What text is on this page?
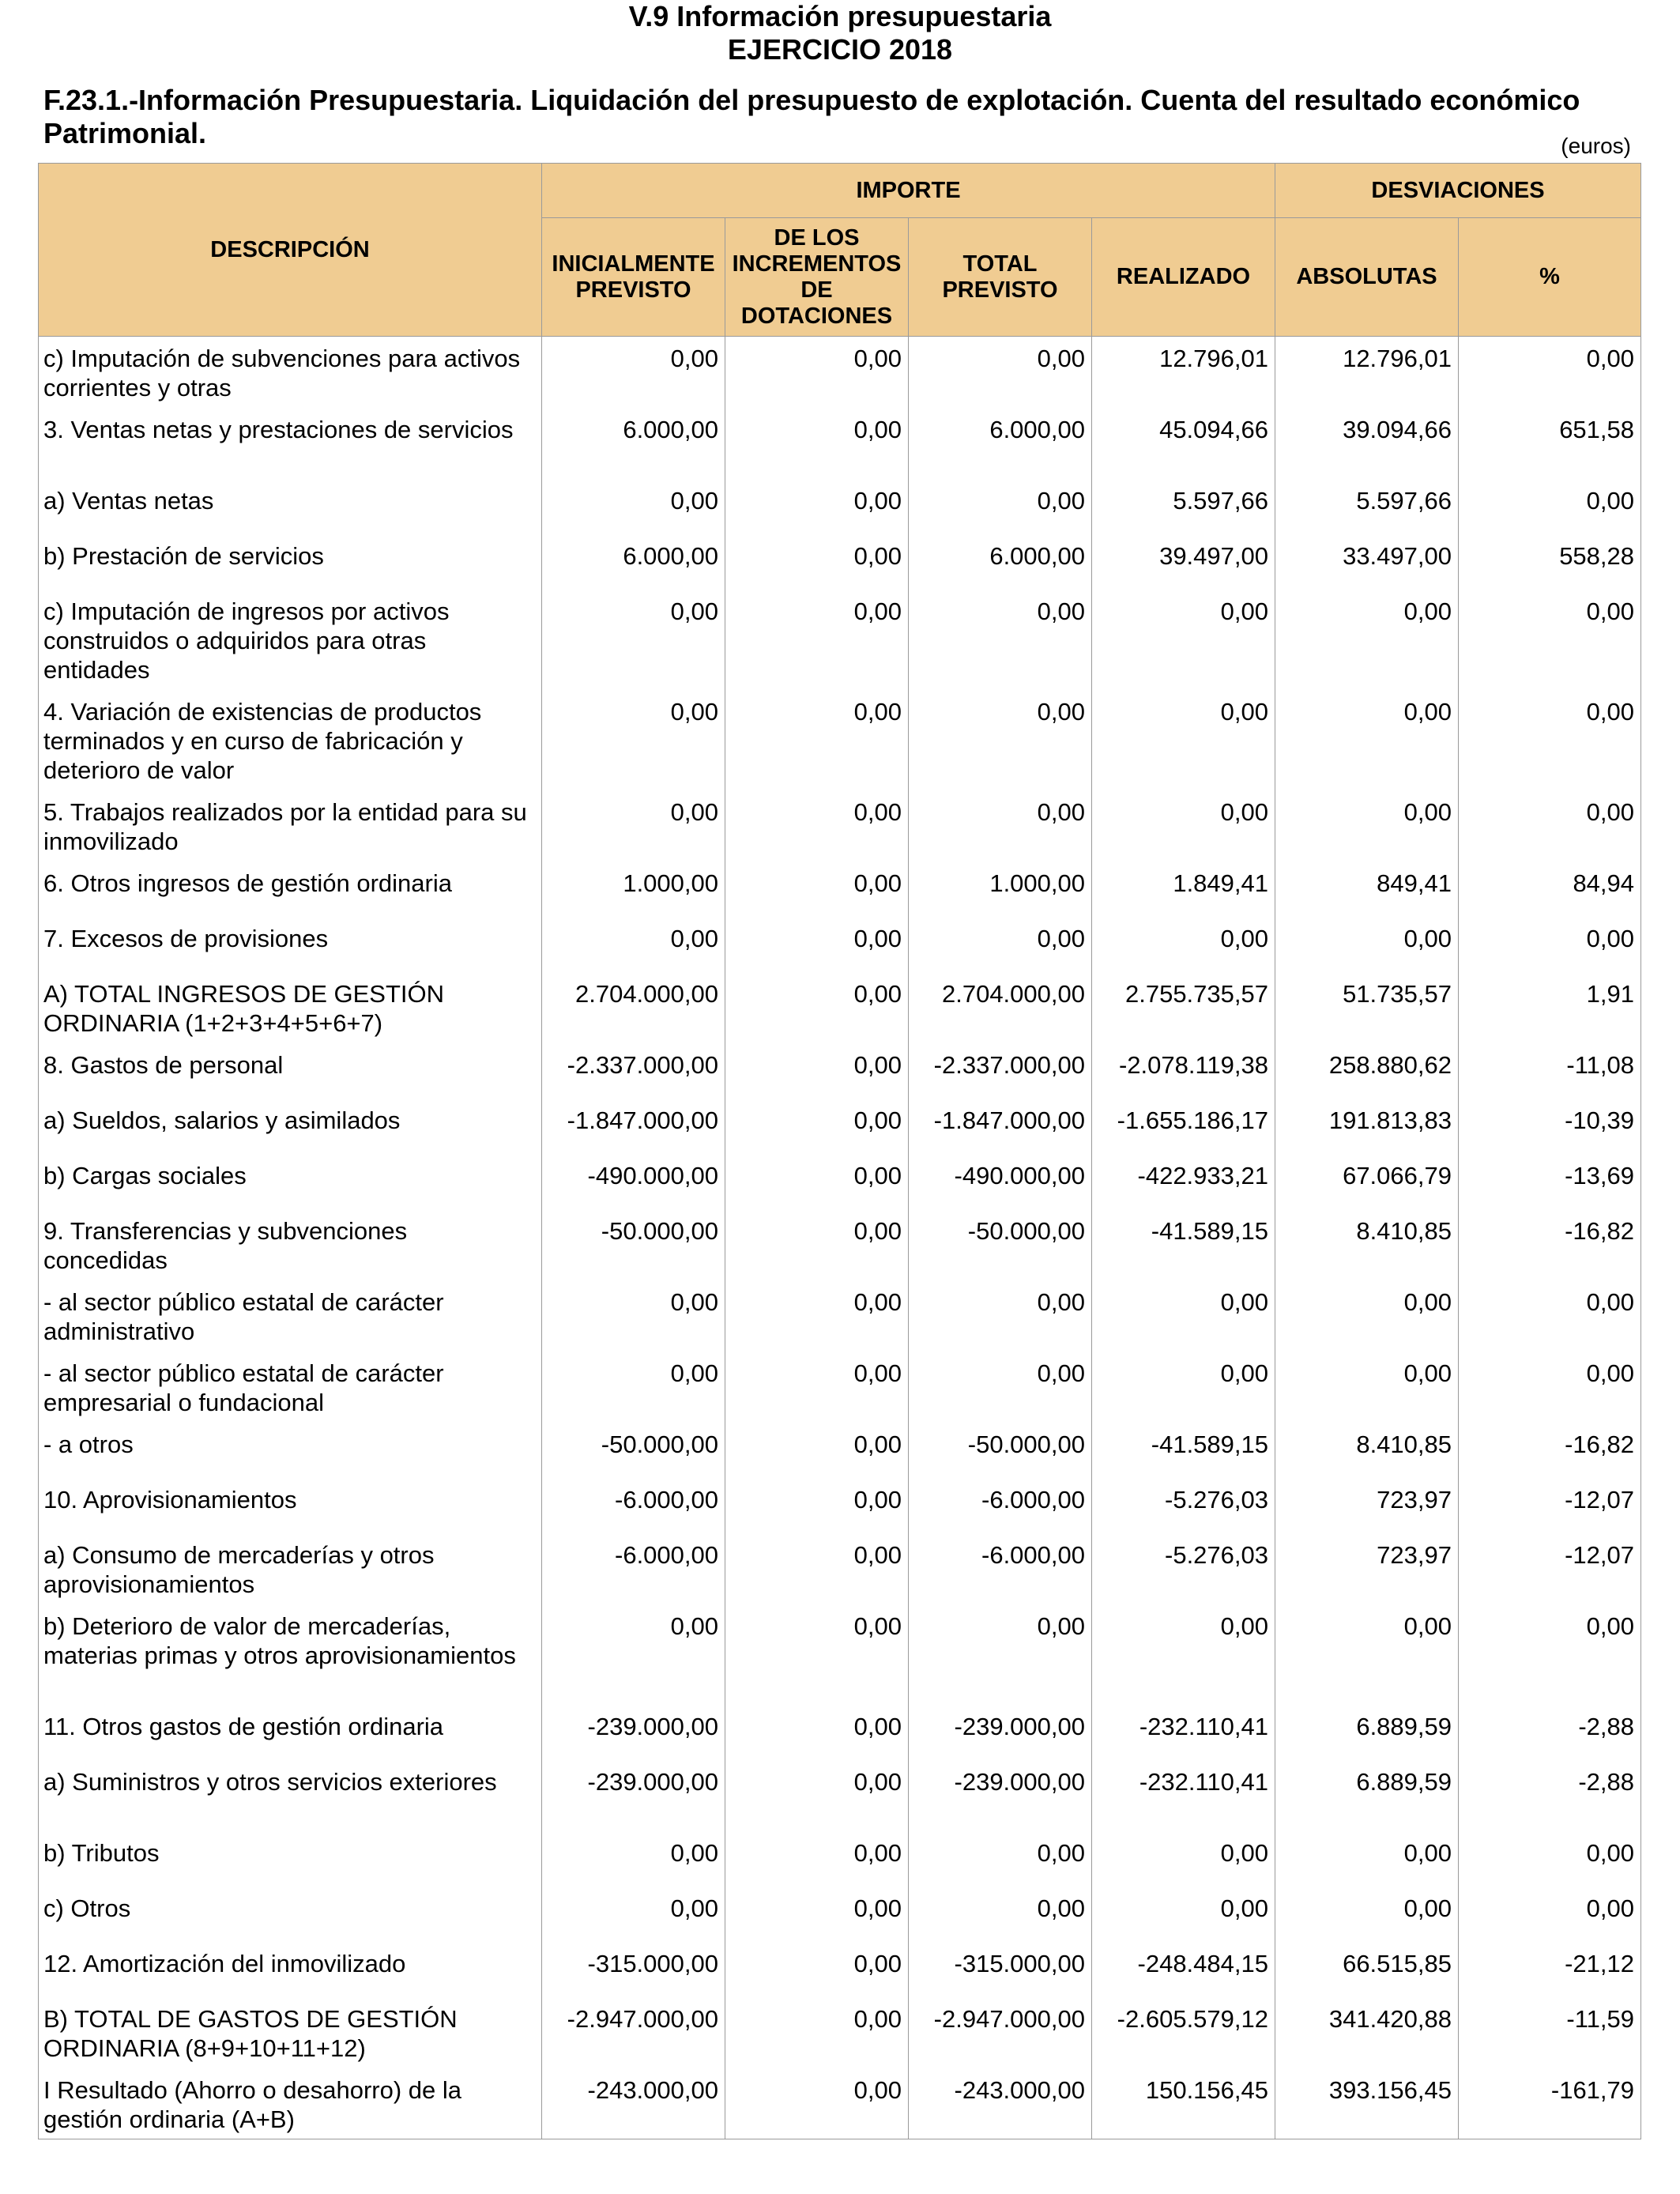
V.9 Información presupuestaria
EJERCICIO 2018
F.23.1.-Información Presupuestaria. Liquidación del presupuesto de explotación. Cuenta del resultado económico Patrimonial.	(euros)
DESCRIPCIÓN	IMPORTE				DESVIACIONES	
	INICIALMENTE PREVISTO	DE LOS INCREMENTOS DE DOTACIONES	TOTAL PREVISTO	REALIZADO	ABSOLUTAS	%
c) Imputación de subvenciones para activos corrientes y otras	0,00	0,00	0,00	12.796,01	12.796,01	0,00
3. Ventas netas y prestaciones de servicios	6.000,00	0,00	6.000,00	45.094,66	39.094,66	651,58
a) Ventas netas	0,00	0,00	0,00	5.597,66	5.597,66	0,00
b) Prestación de servicios	6.000,00	0,00	6.000,00	39.497,00	33.497,00	558,28
c) Imputación de ingresos por activos construidos o adquiridos para otras entidades	0,00	0,00	0,00	0,00	0,00	0,00
4. Variación de existencias de productos terminados y en curso de fabricación y deterioro de valor	0,00	0,00	0,00	0,00	0,00	0,00
5. Trabajos realizados por la entidad para su inmovilizado	0,00	0,00	0,00	0,00	0,00	0,00
6. Otros ingresos de gestión ordinaria	1.000,00	0,00	1.000,00	1.849,41	849,41	84,94
7. Excesos de provisiones	0,00	0,00	0,00	0,00	0,00	0,00
A) TOTAL INGRESOS DE GESTIÓN ORDINARIA (1+2+3+4+5+6+7)	2.704.000,00	0,00	2.704.000,00	2.755.735,57	51.735,57	1,91
8. Gastos de personal	-2.337.000,00	0,00	-2.337.000,00	-2.078.119,38	258.880,62	-11,08
a) Sueldos, salarios y asimilados	-1.847.000,00	0,00	-1.847.000,00	-1.655.186,17	191.813,83	-10,39
b) Cargas sociales	-490.000,00	0,00	-490.000,00	-422.933,21	67.066,79	-13,69
9. Transferencias y subvenciones concedidas	-50.000,00	0,00	-50.000,00	-41.589,15	8.410,85	-16,82
- al sector público estatal de carácter administrativo	0,00	0,00	0,00	0,00	0,00	0,00
- al sector público estatal de carácter empresarial o fundacional	0,00	0,00	0,00	0,00	0,00	0,00
- a otros	-50.000,00	0,00	-50.000,00	-41.589,15	8.410,85	-16,82
10. Aprovisionamientos	-6.000,00	0,00	-6.000,00	-5.276,03	723,97	-12,07
a) Consumo de mercaderías y otros aprovisionamientos	-6.000,00	0,00	-6.000,00	-5.276,03	723,97	-12,07
b) Deterioro de valor de mercaderías, materias primas y otros aprovisionamientos	0,00	0,00	0,00	0,00	0,00	0,00
11. Otros gastos de gestión ordinaria	-239.000,00	0,00	-239.000,00	-232.110,41	6.889,59	-2,88
a) Suministros y otros servicios exteriores	-239.000,00	0,00	-239.000,00	-232.110,41	6.889,59	-2,88
b) Tributos	0,00	0,00	0,00	0,00	0,00	0,00
c) Otros	0,00	0,00	0,00	0,00	0,00	0,00
12. Amortización del inmovilizado	-315.000,00	0,00	-315.000,00	-248.484,15	66.515,85	-21,12
B) TOTAL DE GASTOS DE GESTIÓN ORDINARIA (8+9+10+11+12)	-2.947.000,00	0,00	-2.947.000,00	-2.605.579,12	341.420,88	-11,59
I Resultado (Ahorro o desahorro) de la gestión ordinaria (A+B)	-243.000,00	0,00	-243.000,00	150.156,45	393.156,45	-161,79
